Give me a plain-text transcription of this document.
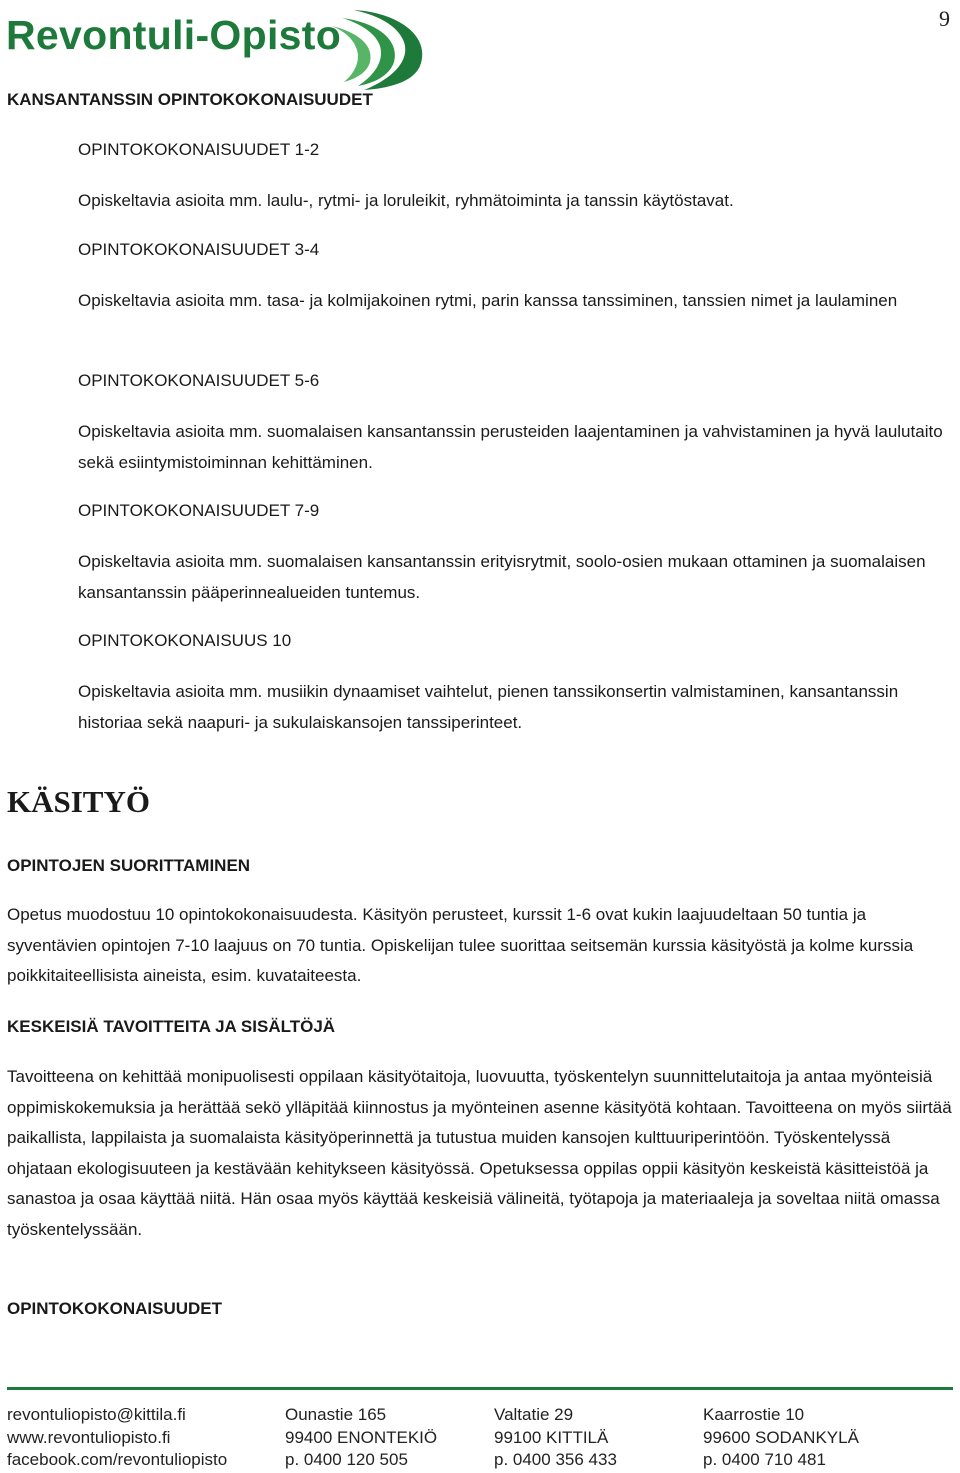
Revontuli-Opisto	9
KANSANTANSSIN OPINTOKOKONAISUUDET
OPINTOKOKONAISUUDET 1-2
Opiskeltavia asioita mm. laulu-, rytmi- ja loruleikit, ryhmätoiminta ja tanssin käytöstavat.
OPINTOKOKONAISUUDET 3-4
Opiskeltavia asioita mm. tasa- ja kolmijakoinen rytmi, parin kanssa tanssiminen, tanssien nimet ja laulaminen
OPINTOKOKONAISUUDET 5-6
Opiskeltavia asioita mm. suomalaisen kansantanssin perusteiden laajentaminen ja vahvistaminen ja hyvä laulutaito sekä esiintymistoiminnan kehittäminen.
OPINTOKOKONAISUUDET 7-9
Opiskeltavia asioita mm. suomalaisen kansantanssin erityisrytmit, soolo-osien mukaan ottaminen ja suomalaisen kansantanssin pääperinnealueiden tuntemus.
OPINTOKOKONAISUUS 10
Opiskeltavia asioita mm. musiikin dynaamiset vaihtelut, pienen tanssikonsertin valmistaminen, kansantanssin historiaa sekä naapuri- ja sukulaiskansojen tanssiperinteet.
KÄSITYÖ
OPINTOJEN SUORITTAMINEN
Opetus muodostuu 10 opintokokonaisuudesta. Käsityön perusteet, kurssit 1-6 ovat kukin laajuudeltaan 50 tuntia ja syventävien opintojen 7-10 laajuus on 70 tuntia. Opiskelijan tulee suorittaa seitsemän kurssia käsityöstä ja kolme kurssia poikkitaiteellisista aineista, esim. kuvataiteesta.
KESKEISIÄ TAVOITTEITA JA SISÄLTÖJÄ
Tavoitteena on kehittää monipuolisesti oppilaan käsityötaitoja, luovuutta, työskentelyn suunnittelutaitoja ja antaa myönteisiä oppimiskokemuksia ja herättää sekö ylläpitää kiinnostus ja myönteinen asenne käsityötä kohtaan. Tavoitteena on myös siirtää paikallista, lappilaista ja suomalaista käsityöperinnettä ja tutustua muiden kansojen kulttuuriperintöön. Työskentelyssä ohjataan ekologisuuteen ja kestävään kehitykseen käsityössä. Opetuksessa oppilas oppii käsityön keskeistä käsitteistöä ja sanastoa ja osaa käyttää niitä. Hän osaa myös käyttää keskeisiä välineitä, työtapoja ja materiaaleja ja soveltaa niitä omassa työskentelyssään.
OPINTOKOKONAISUUDET
revontuliopisto@kittila.fi
www.revontuliopisto.fi
facebook.com/revontuliopisto
Ounastie 165
99400 ENONTEKIÖ
p. 0400 120 505
Valtatie 29
99100 KITTILÄ
p. 0400 356 433
Kaarrostie 10
99600 SODANKYLÄ
p. 0400 710 481
